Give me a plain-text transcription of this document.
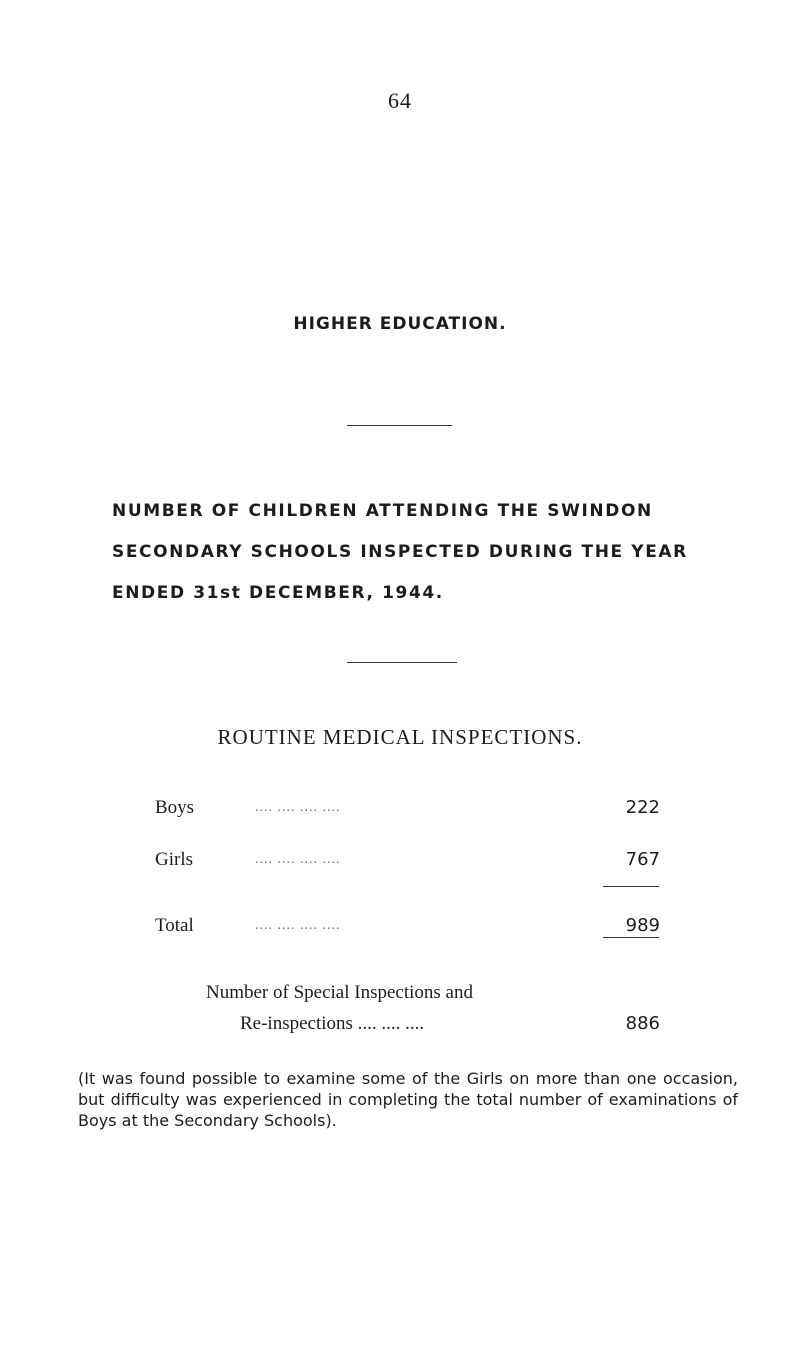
64
HIGHER EDUCATION.
NUMBER OF CHILDREN ATTENDING THE SWINDON
SECONDARY SCHOOLS INSPECTED DURING THE YEAR
ENDED 31st DECEMBER, 1944.
ROUTINE MEDICAL INSPECTIONS.
Boys	.... .... .... ....	222
Girls	.... .... .... ....	767
Total	.... .... .... ....	989
Number of Special Inspections and
Re-inspections .... .... ....	886
(It was found possible to examine some of the Girls on more than one occasion, but difficulty was experienced in completing the total number of examinations of Boys at the Secondary Schools).
